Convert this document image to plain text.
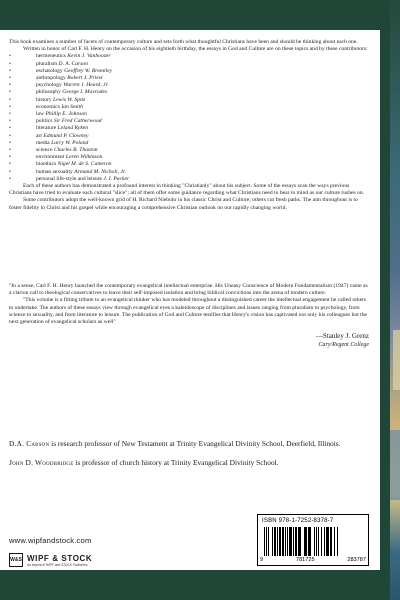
This book examines a number of facets of contemporary culture and sets forth what thoughtful Christians have been and should be thinking about each one.

Written in honor of Carl F. H. Henry on the occasion of his eightieth birthday, the essays in God and Culture are on these topics and by these contributors:

•	hermeneutics Kevin J. Vanhoozer
•	pluralism D. A. Carson
•	eschatology Geoffrey W. Bromiley
•	anthropology Robert J. Priest
•	psychology Warren J. Heard, Jr.
•	philosophy George I. Mavrodes
•	history Lewis W. Spitz
•	economics Ian Smith
•	law Phillip E. Johnson
•	politics Sir Fred Catherwood
•	literature Leland Ryken
•	art Edmund P. Clowney
•	media Larry W. Poland
•	science Charles B. Thaxton
•	environment Loren Wilkinson
•	bioethics Nigel M. de S. Cameron
•	human sexuality Armand M. Nicholi, Jr.
•	personal life-style and leisure J. I. Packer

Each of these authors has demonstrated a profound interest in thinking "Christianly" about his subject. Some of the essays scan the ways previous Christians have tried to evaluate each cultural "slice"; all of them offer some guidance regarding what Christians need to bear in mind as our culture rushes on.

Some contributors adopt the well-known grid of H. Richard Niebuhr in his classic Christ and Culture; others cut fresh paths. The aim throughout is to foster fidelity to Christ and his gospel while encouraging a comprehensive Christian outlook on our rapidly changing world.

"In a sense, Carl F. H. Henry launched the contemporary evangelical intellectual enterprise. His Uneasy Conscience of Modern Fundamentalism (1947) came as a clarion call to theological conservatives to leave their self-imposed isolation and bring biblical convictions into the arena of modern culture.

"This volume is a fitting tribute to an evangelical thinker who has modeled throughout a distinguished career the intellectual engagement he called others to undertake. The authors of these essays view through evangelical eyes a kaleidoscope of disciplines and issues ranging from pluralism to psychology, from science to sexuality, and from literature to leisure. The publication of God and Culture testifies that Henry's vision has captivated not only his colleagues but the next generation of evangelical scholars as well"

—Stanley J. Grenz
Cary/Regent College

D.A. Carson is research professor of New Testament at Trinity Evangelical Divinity School, Deerfield, Illinois.

John D. Woodbridge is professor of church history at Trinity Evangelical Divinity School.

www.wipfandstock.com
W&S WIPF & STOCK
An Imprint of WIPF and STOCK Publishers
ISBN 978-1-7252-8378-7
9	781725	283787
